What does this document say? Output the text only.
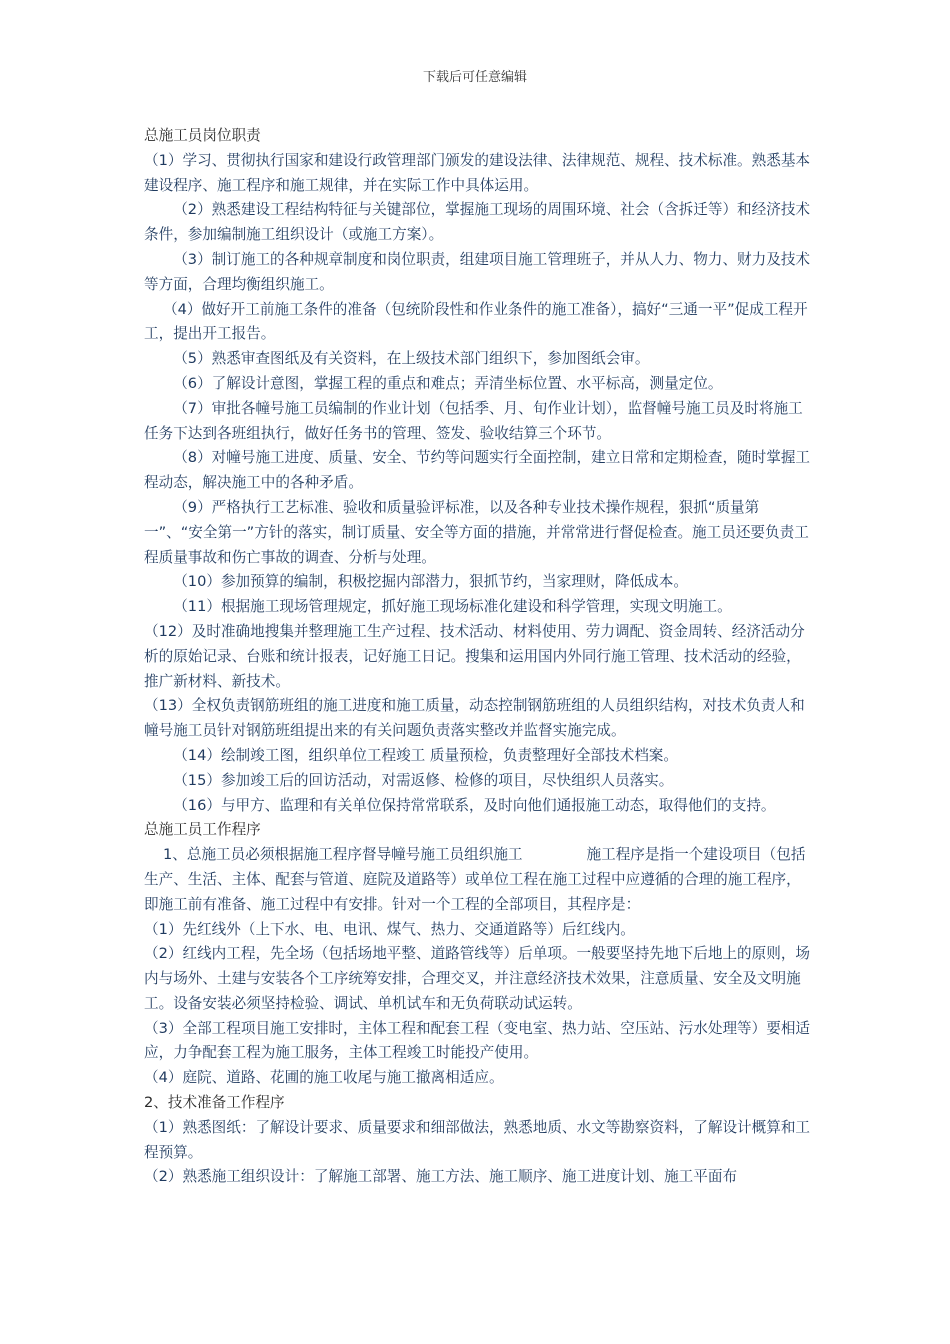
下载后可任意编辑

总施工员岗位职责

（1）学习、贯彻执行国家和建设行政管理部门颁发的建设法律、法律规范、规程、技术标准。熟悉基本建设程序、施工程序和施工规律，并在实际工作中具体运用。

（2）熟悉建设工程结构特征与关键部位，掌握施工现场的周围环境、社会（含拆迁等）和经济技术条件，参加编制施工组织设计（或施工方案）。

（3）制订施工的各种规章制度和岗位职责，组建项目施工管理班子，并从人力、物力、财力及技术等方面，合理均衡组织施工。

（4）做好开工前施工条件的准备（包统阶段性和作业条件的施工准备），搞好“三通一平”促成工程开工，提出开工报告。

（5）熟悉审查图纸及有关资料，在上级技术部门组织下，参加图纸会审。

（6）了解设计意图，掌握工程的重点和难点；弄清坐标位置、水平标高，测量定位。

（7）审批各幢号施工员编制的作业计划（包括季、月、旬作业计划），监督幢号施工员及时将施工任务下达到各班组执行，做好任务书的管理、签发、验收结算三个环节。

（8）对幢号施工进度、质量、安全、节约等问题实行全面控制，建立日常和定期检查，随时掌握工程动态，解决施工中的各种矛盾。

（9）严格执行工艺标准、验收和质量验评标准，以及各种专业技术操作规程，狠抓“质量第一”、“安全第一”方针的落实，制订质量、安全等方面的措施，并常常进行督促检查。施工员还要负责工程质量事故和伤亡事故的调查、分析与处理。

（10）参加预算的编制，积极挖掘内部潜力，狠抓节约，当家理财，降低成本。

（11）根据施工现场管理规定，抓好施工现场标准化建设和科学管理，实现文明施工。

（12）及时准确地搜集并整理施工生产过程、技术活动、材料使用、劳力调配、资金周转、经济活动分析的原始记录、台账和统计报表，记好施工日记。搜集和运用国内外同行施工管理、技术活动的经验，推广新材料、新技术。

（13）全权负责钢筋班组的施工进度和施工质量，动态控制钢筋班组的人员组织结构，对技术负责人和幢号施工员针对钢筋班组提出来的有关问题负责落实整改并监督实施完成。

（14）绘制竣工图，组织单位工程竣工 质量预检，负责整理好全部技术档案。

（15）参加竣工后的回访活动，对需返修、检修的项目，尽快组织人员落实。

（16）与甲方、监理和有关单位保持常常联系，及时向他们通报施工动态，取得他们的支持。

总施工员工作程序

1、总施工员必须根据施工程序督导幢号施工员组织施工	施工程序是指一个建设项目（包括生产、生活、主体、配套与管道、庭院及道路等）或单位工程在施工过程中应遵循的合理的施工程序，即施工前有准备、施工过程中有安排。针对一个工程的全部项目，其程序是：

（1）先红线外（上下水、电、电讯、煤气、热力、交通道路等）后红线内。

（2）红线内工程，先全场（包括场地平整、道路管线等）后单项。一般要坚持先地下后地上的原则，场内与场外、土建与安装各个工序统筹安排，合理交叉，并注意经济技术效果，注意质量、安全及文明施工。设备安装必须坚持检验、调试、单机试车和无负荷联动试运转。

（3）全部工程项目施工安排时，主体工程和配套工程（变电室、热力站、空压站、污水处理等）要相适应，力争配套工程为施工服务，主体工程竣工时能投产使用。

（4）庭院、道路、花圃的施工收尾与施工撤离相适应。

2、技术准备工作程序

（1）熟悉图纸：了解设计要求、质量要求和细部做法，熟悉地质、水文等勘察资料，了解设计概算和工程预算。

（2）熟悉施工组织设计：了解施工部署、施工方法、施工顺序、施工进度计划、施工平面布
